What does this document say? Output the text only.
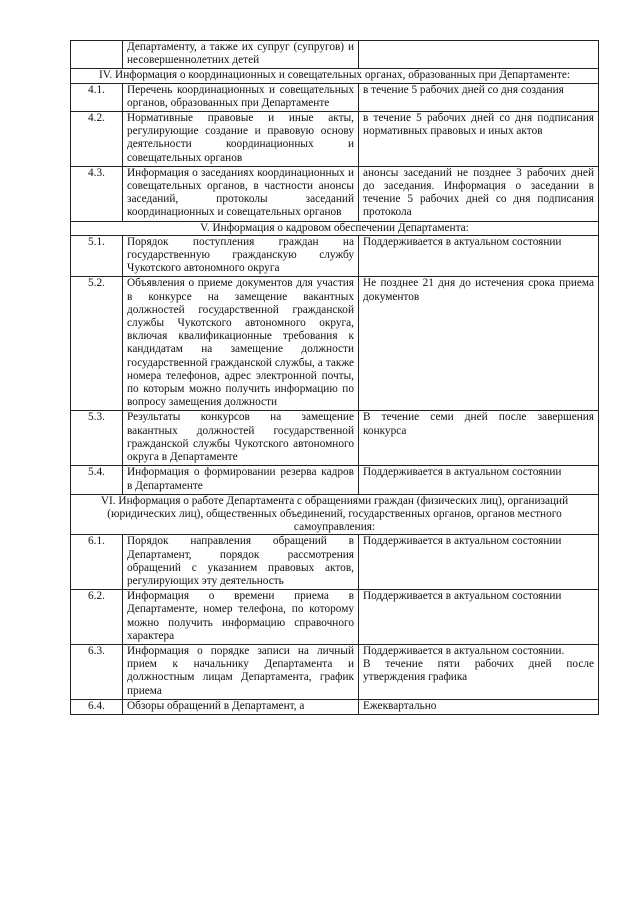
	Департаменту, а также их супруг (супругов) и несовершеннолетних детей	
IV. Информация о координационных и совещательных органах, образованных при Департаменте:		
4.1.	Перечень координационных и совещательных органов, образованных при Департаменте	в течение 5 рабочих дней со дня создания
4.2.	Нормативные правовые и иные акты, регулирующие создание и правовую основу деятельности координационных и совещательных органов	в течение 5 рабочих дней со дня подписания нормативных правовых и иных актов
4.3.	Информация о заседаниях координационных и совещательных органов, в частности анонсы заседаний, протоколы заседаний координационных и совещательных органов	анонсы заседаний не позднее 3 рабочих дней до заседания. Информация о заседании в течение 5 рабочих дней со дня подписания протокола
V. Информация о кадровом обеспечении Департамента:		
5.1.	Порядок поступления граждан на государственную гражданскую службу Чукотского автономного округа	Поддерживается в актуальном состоянии
5.2.	Объявления о приеме документов для участия в конкурсе на замещение вакантных должностей государственной гражданской службы Чукотского автономного округа, включая квалификационные требования к кандидатам на замещение должности государственной гражданской службы, а также номера телефонов, адрес электронной почты, по которым можно получить информацию по вопросу замещения должности	Не позднее 21 дня до истечения срока приема документов
5.3.	Результаты конкурсов на замещение вакантных должностей государственной гражданской службы Чукотского автономного округа в Департаменте	В течение семи дней после завершения конкурса
5.4.	Информация о формировании резерва кадров в Департаменте	Поддерживается в актуальном состоянии
VI. Информация о работе Департамента с обращениями граждан (физических лиц), организаций (юридических лиц), общественных объединений, государственных органов, органов местного самоуправления:		
6.1.	Порядок направления обращений в Департамент, порядок рассмотрения обращений с указанием правовых актов, регулирующих эту деятельность	Поддерживается в актуальном состоянии
6.2.	Информация о времени приема в Департаменте, номер телефона, по которому можно получить информацию справочного характера	Поддерживается в актуальном состоянии
6.3.	Информация о порядке записи на личный прием к начальнику Департамента и должностным лицам Департамента, график приема	Поддерживается в актуальном состоянии.
В течение пяти рабочих дней после утверждения графика
6.4.	Обзоры обращений в Департамент, а	Ежеквартально
